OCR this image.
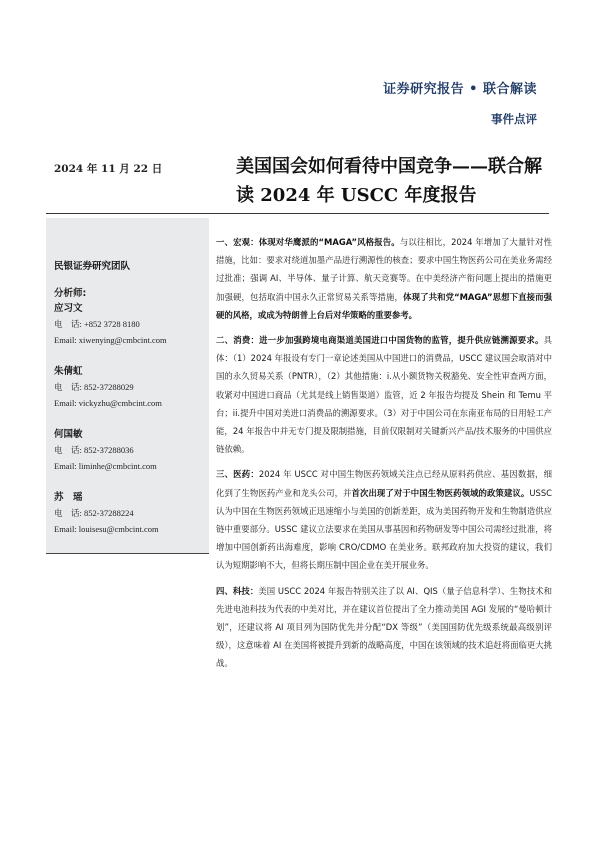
证券研究报告 • 联合解读
事件点评
2024 年 11 月 22 日	美国国会如何看待中国竞争——联合解读 2024 年 USCC 年度报告
民银证券研究团队
分析师:
应习文
电　话: +852 3728 8180
Email: xiwenying@cmbcint.com
朱倩虹
电　话: 852-37288029
Email: vickyzhu@cmbcint.com
何国敏
电　话: 852-37288036
Email: liminhe@cmbcint.com
苏　瑶
电　话: 852-37288224
Email: louisesu@cmbcint.com

一、宏观：体现对华鹰派的“MAGA”风格报告。与以往相比，2024 年增加了大量针对性措施，比如：要求对绕道加墨产品进行溯源性的核查；要求中国生物医药公司在美业务需经过批准；强调 AI、半导体、量子计算、航天竞赛等。在中美经济产衔问题上提出的措施更加强硬，包括取消中国永久正常贸易关系等措施，体现了共和党“MAGA”思想下直接而强硬的风格，或成为特朗普上台后对华策略的重要参考。

二、消费：进一步加强跨境电商渠道美国进口中国货物的监管，提升供应链溯源要求。具体：（1）2024 年报设有专门一章论述美国从中国进口的消费品，USCC 建议国会取消对中国的永久贸易关系（PNTR），（2）其他措施：i.从小额货物关税豁免、安全性审查两方面，收紧对中国进口商品（尤其是线上销售渠道）监管，近 2 年报告均提及 Shein 和 Temu 平台；ii.提升中国对美进口消费品的溯源要求。（3）对于中国公司在东南亚布局的日用轻工产能，24 年报告中并无专门提及限制措施，目前仅限制对关键新兴产品/技术服务的中国供应链依赖。

三、医药：2024 年 USCC 对中国生物医药领域关注点已经从原料药供应、基因数据，细化到了生物医药产业和龙头公司，并首次出现了对于中国生物医药领域的政策建议。USSC 认为中国在生物医药领域正迅速缩小与美国的创新差距，成为美国药物开发和生物制造供应链中重要部分。USSC 建议立法要求在美国从事基因和药物研发等中国公司需经过批准，将增加中国创新药出海难度，影响 CRO/CDMO 在美业务。联邦政府加大投资的建议，我们认为短期影响不大，但将长期压制中国企业在美开展业务。

四、科技：美国 USCC 2024 年报告特别关注了以 AI、QIS（量子信息科学）、生物技术和先进电池科技为代表的中美对比，并在建议首位提出了全力推动美国 AGI 发展的“曼哈顿计划”，还建议将 AI 项目列为国防优先并分配“DX 等级”（美国国防优先级系统最高级别评级），这意味着 AI 在美国将被提升到新的战略高度，中国在该领域的技术追赶将面临更大挑战。
